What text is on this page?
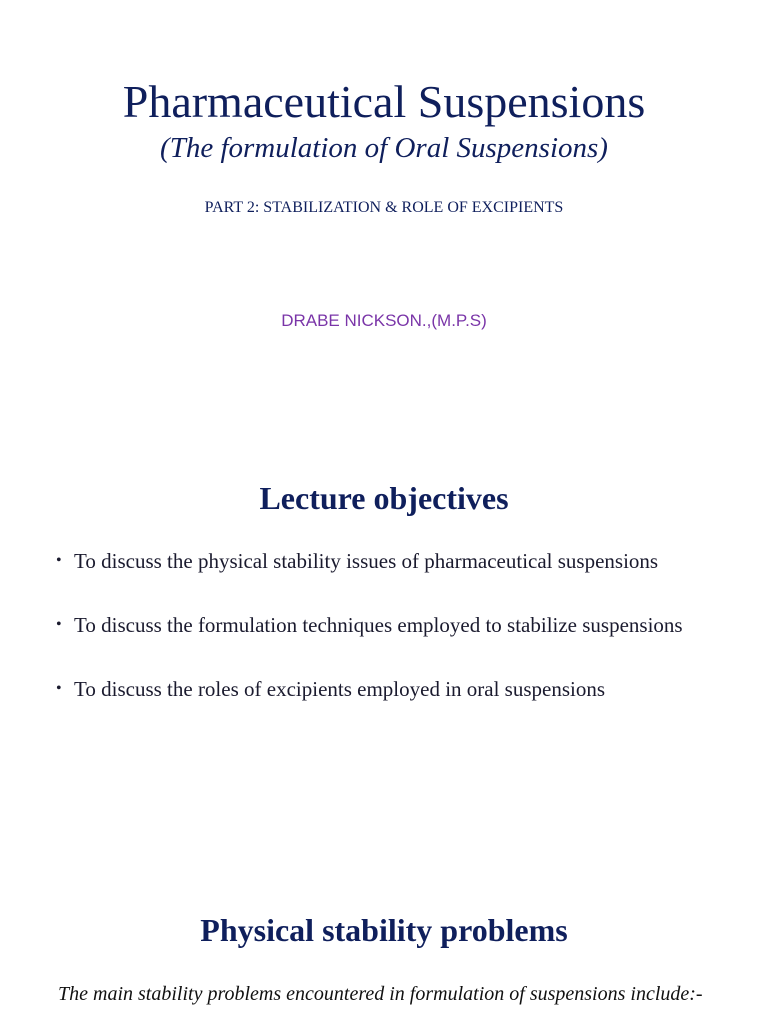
Pharmaceutical Suspensions
(The formulation of Oral Suspensions)
PART 2: STABILIZATION & ROLE OF EXCIPIENTS
DRABE NICKSON.,(M.P.S)
Lecture objectives
• To discuss the physical stability issues of pharmaceutical suspensions
• To discuss the formulation techniques employed to stabilize suspensions
• To discuss the roles of excipients employed in oral suspensions
Physical stability problems
The main stability problems encountered in formulation of suspensions include:-
